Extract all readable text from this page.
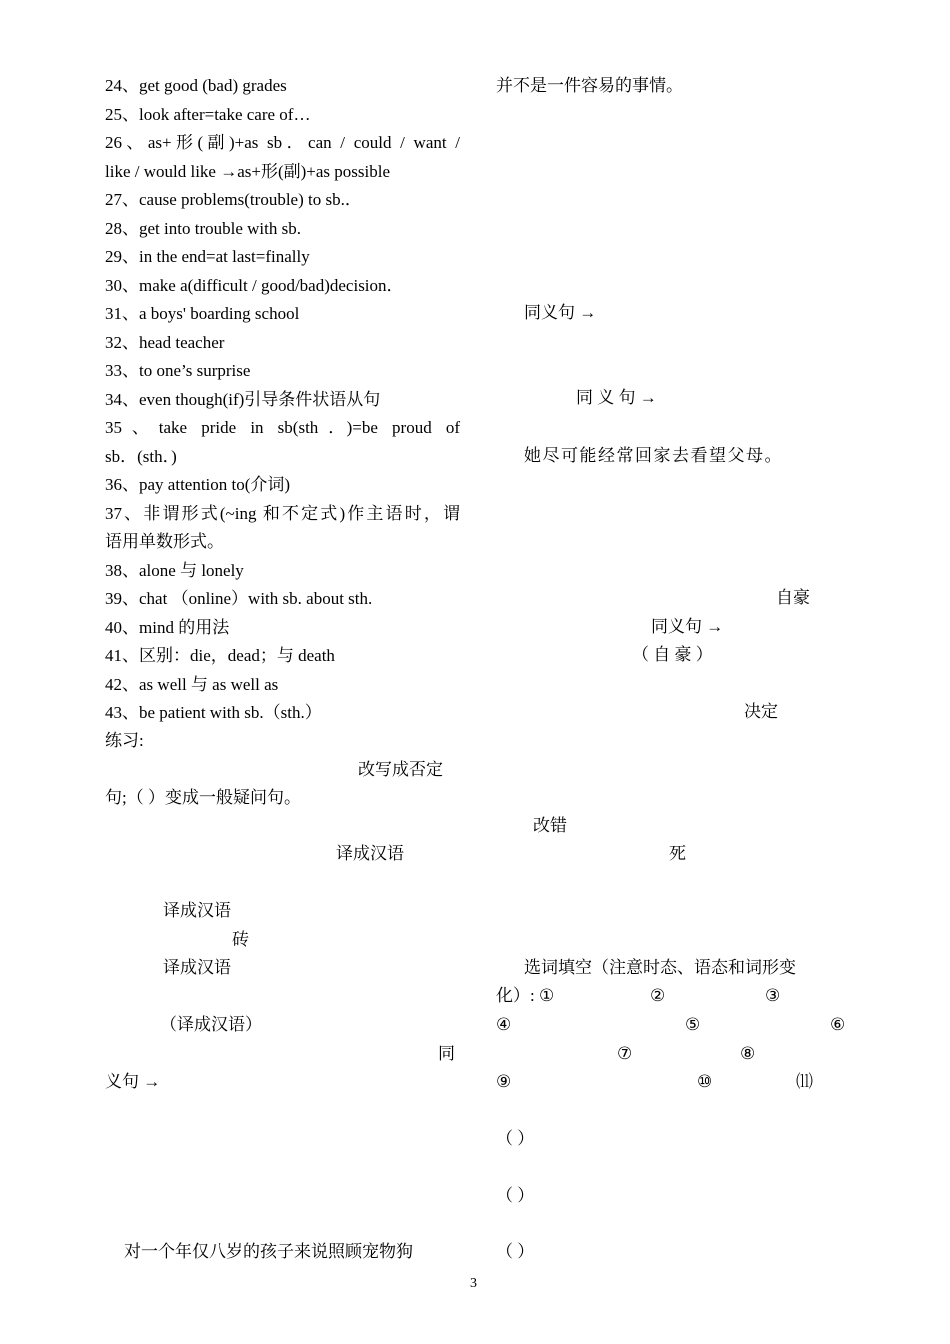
24、get good (bad) grades
25、look after=take care of…
26、as+形(副)+as sb．can / could / want /
like / would like →as+形(副)+as possible
27、cause problems(trouble) to sb.．
28、get into trouble with sb.
29、in the end=at last=finally
30、make a(difficult / good/bad)decision．
31、a boys' boarding school
32、head teacher
33、to one’s surprise
34、even though(if)引导条件状语从句
35、take pride in sb(sth．)=be proud of
sb．(sth．)
36、pay attention to(介词)
37、非谓形式(~ing 和不定式)作主语时，谓
语用单数形式。
38、alone 与 lonely
39、chat （online）with sb. about sth.
40、mind 的用法
41、区别：die，dead；与 death
42、as well 与 as well as
43、be patient with sb.（sth.）
练习:
改写成否定
句;（ ）变成一般疑问句。
译成汉语
译成汉语
砖
译成汉语
（译成汉语）
同
义句 →
对一个年仅八岁的孩子来说照顾宠物狗
并不是一件容易的事情。
同义句 →
同 义 句 →
她尽可能经常回家去看望父母。
自豪
同义句 →
（ 自 豪 ）
决定
改错
死
选词填空（注意时态、语态和词形变
化）: ①	②	③
④	⑤	⑥
⑦	⑧
⑨	⑩	⑾
（ ）
（ ）
（ ）
3
